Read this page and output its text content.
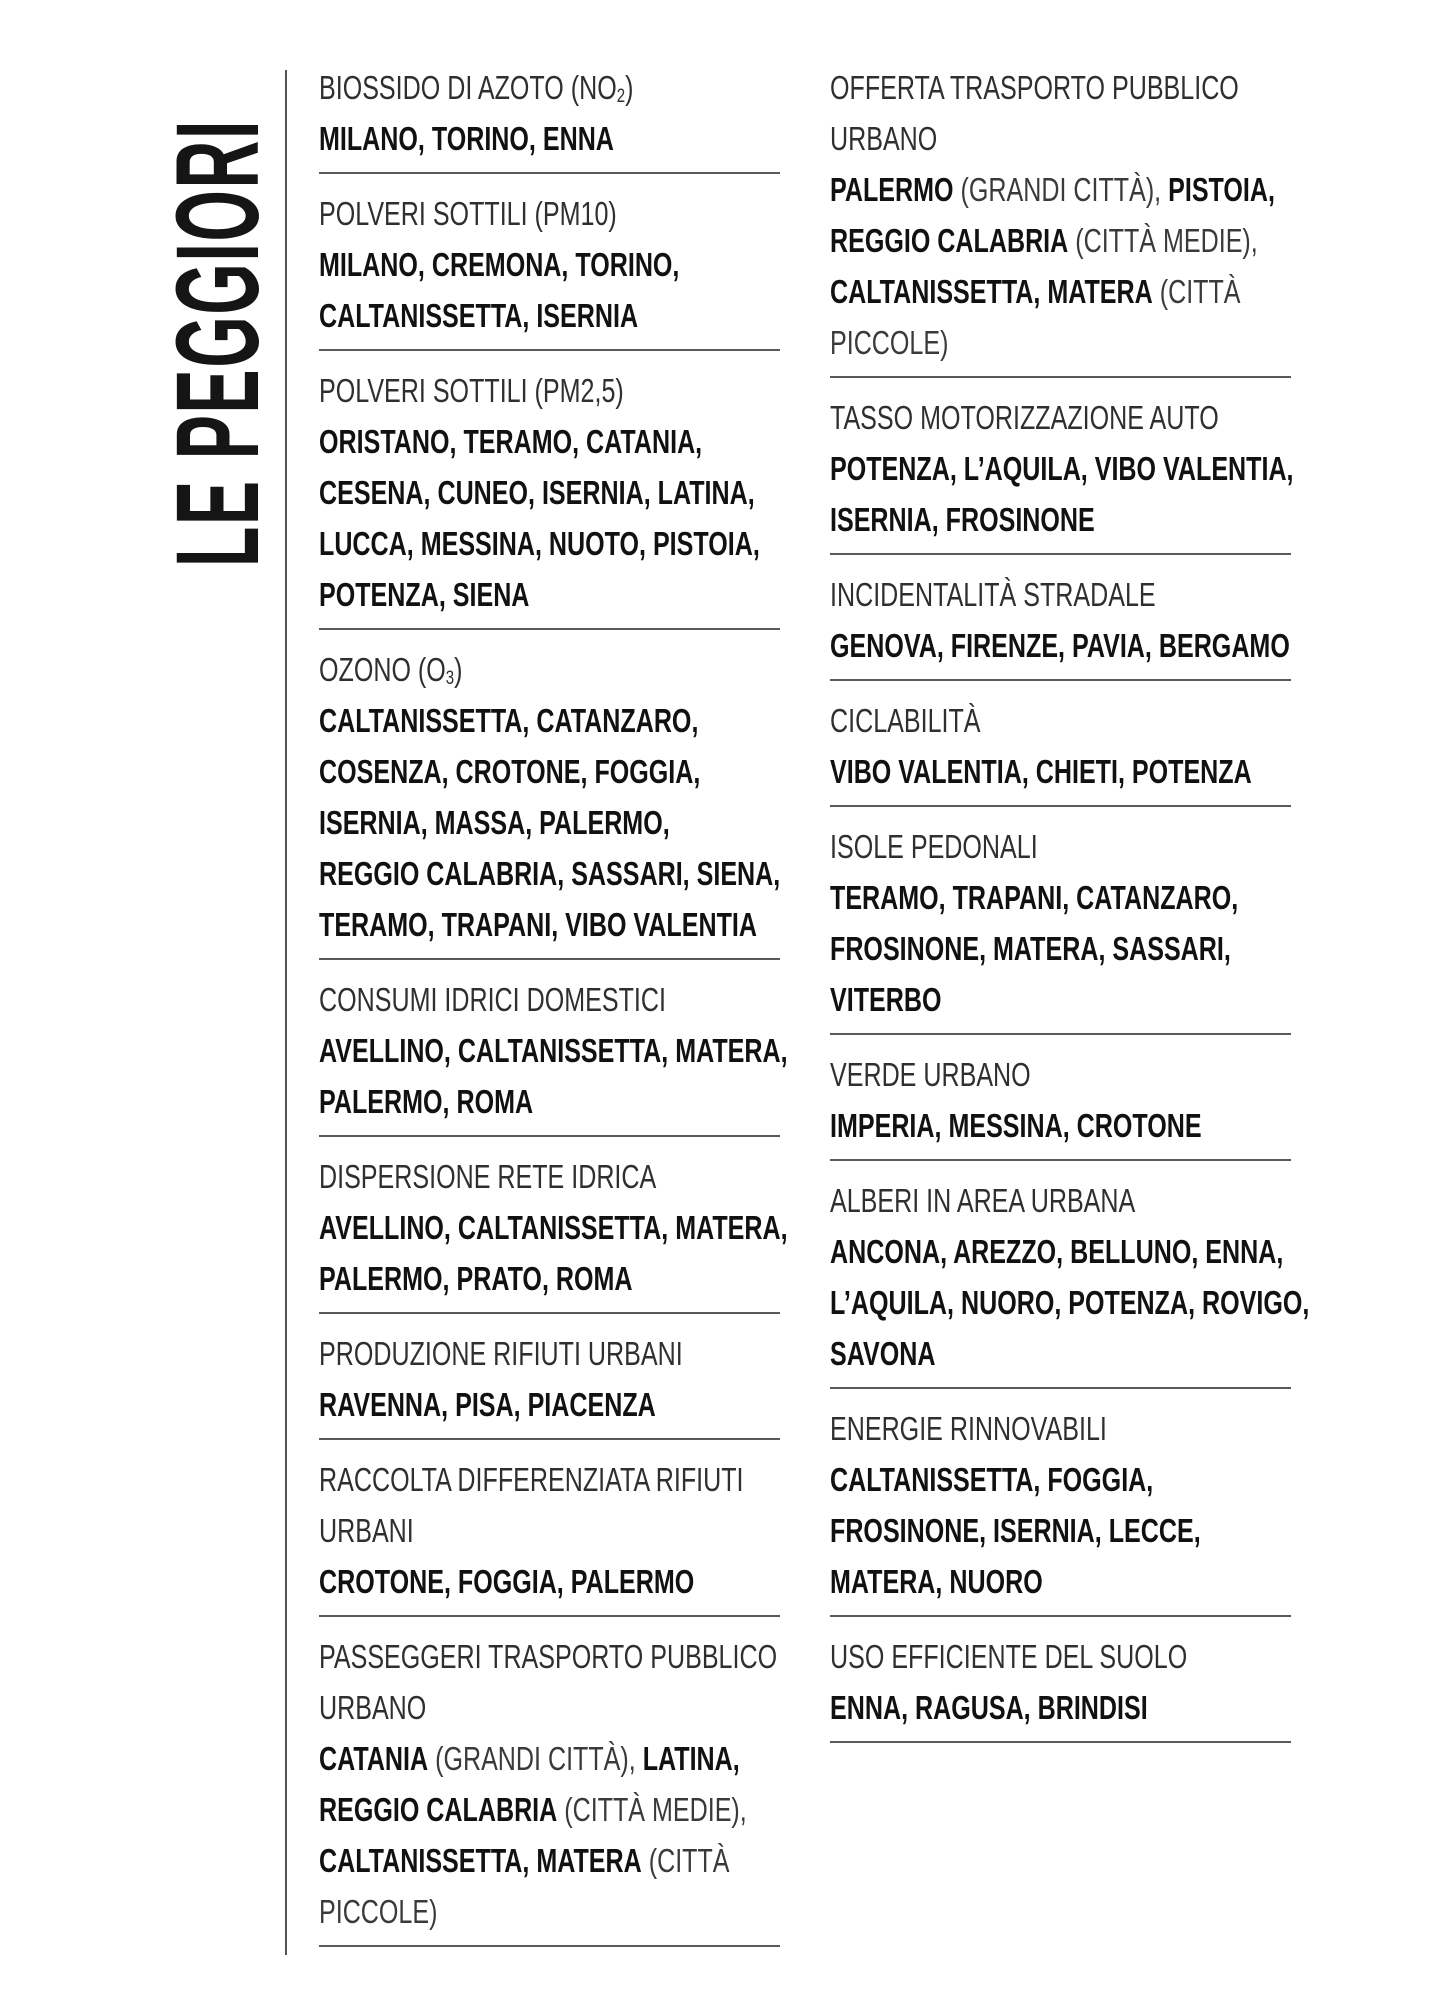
LE PEGGIORI
BIOSSIDO DI AZOTO $(NO_2)$
MILANO, TORINO, ENNA
POLVERI SOTTILI (PM10)
MILANO, CREMONA, TORINO,
CALTANISSETTA, ISERNIA
POLVERI SOTTILI (PM2,5)
ORISTANO, TERAMO, CATANIA,
CESENA, CUNEO, ISERNIA, LATINA,
LUCCA, MESSINA, NUOTO, PISTOIA,
POTENZA, SIENA
OZONO $(O_3)$
CALTANISSETTA, CATANZARO,
COSENZA, CROTONE, FOGGIA,
ISERNIA, MASSA, PALERMO,
REGGIO CALABRIA, SASSARI, SIENA,
TERAMO, TRAPANI, VIBO VALENTIA
CONSUMI IDRICI DOMESTICI
AVELLINO, CALTANISSETTA, MATERA,
PALERMO, ROMA
DISPERSIONE RETE IDRICA
AVELLINO, CALTANISSETTA, MATERA,
PALERMO, PRATO, ROMA
PRODUZIONE RIFIUTI URBANI
RAVENNA, PISA, PIACENZA
RACCOLTA DIFFERENZIATA RIFIUTI
URBANI
CROTONE, FOGGIA, PALERMO
PASSEGGERI TRASPORTO PUBBLICO
URBANO
CATANIA (GRANDI CITTÀ), LATINA,
REGGIO CALABRIA (CITTÀ MEDIE),
CALTANISSETTA, MATERA (CITTÀ
PICCOLE)
OFFERTA TRASPORTO PUBBLICO
URBANO
PALERMO (GRANDI CITTÀ), PISTOIA,
REGGIO CALABRIA (CITTÀ MEDIE),
CALTANISSETTA, MATERA (CITTÀ
PICCOLE)
TASSO MOTORIZZAZIONE AUTO
POTENZA, L’AQUILA, VIBO VALENTIA,
ISERNIA, FROSINONE
INCIDENTALITÀ STRADALE
GENOVA, FIRENZE, PAVIA, BERGAMO
CICLABILITÀ
VIBO VALENTIA, CHIETI, POTENZA
ISOLE PEDONALI
TERAMO, TRAPANI, CATANZARO,
FROSINONE, MATERA, SASSARI,
VITERBO
VERDE URBANO
IMPERIA, MESSINA, CROTONE
ALBERI IN AREA URBANA
ANCONA, AREZZO, BELLUNO, ENNA,
L’AQUILA, NUORO, POTENZA, ROVIGO,
SAVONA
ENERGIE RINNOVABILI
CALTANISSETTA, FOGGIA,
FROSINONE, ISERNIA, LECCE,
MATERA, NUORO
USO EFFICIENTE DEL SUOLO
ENNA, RAGUSA, BRINDISI
